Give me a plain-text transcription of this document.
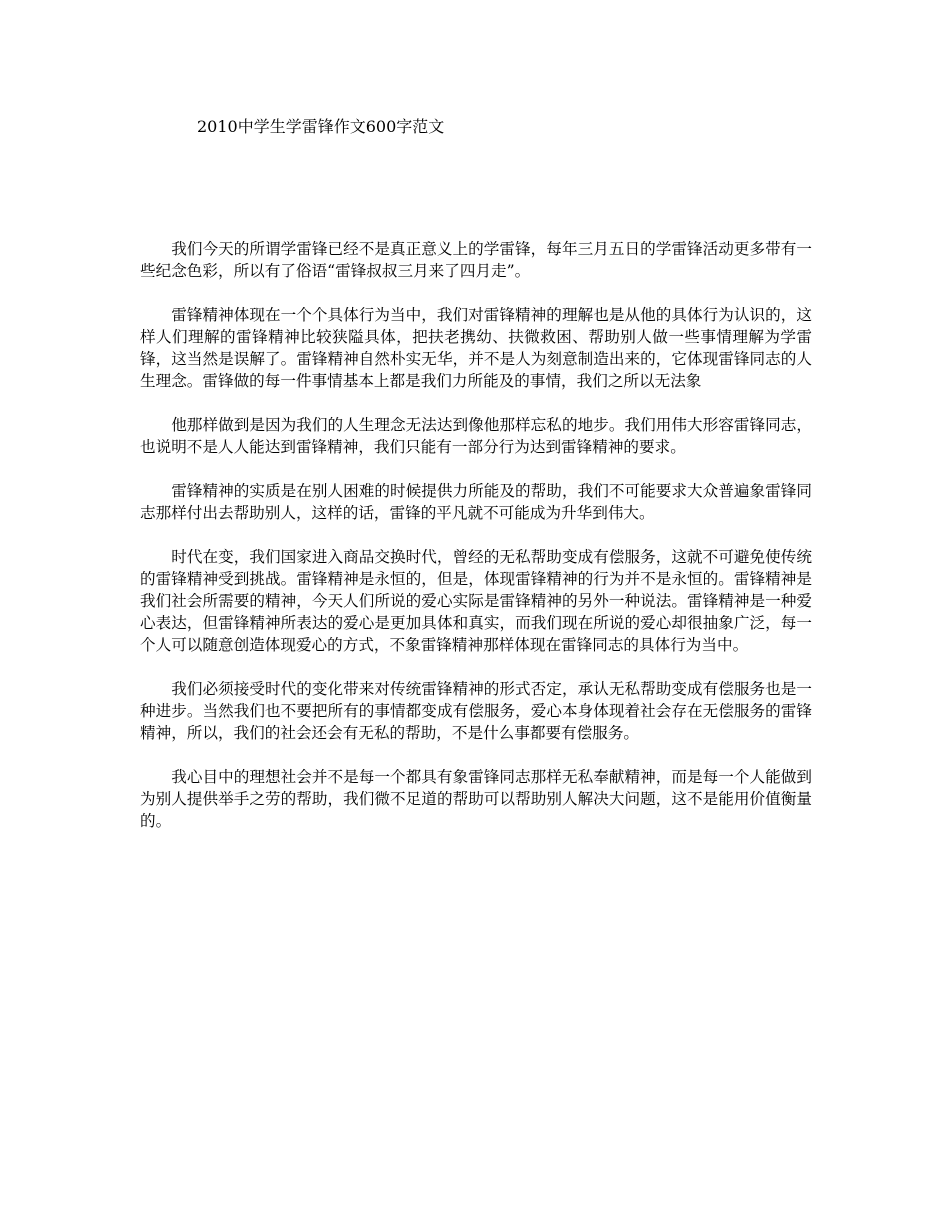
2010中学生学雷锋作文600字范文

我们今天的所谓学雷锋已经不是真正意义上的学雷锋，每年三月五日的学雷锋活动更多带有一些纪念色彩，所以有了俗语“雷锋叔叔三月来了四月走”。

雷锋精神体现在一个个具体行为当中，我们对雷锋精神的理解也是从他的具体行为认识的，这样人们理解的雷锋精神比较狭隘具体，把扶老携幼、扶微救困、帮助别人做一些事情理解为学雷锋，这当然是误解了。雷锋精神自然朴实无华，并不是人为刻意制造出来的，它体现雷锋同志的人生理念。雷锋做的每一件事情基本上都是我们力所能及的事情，我们之所以无法象

他那样做到是因为我们的人生理念无法达到像他那样忘私的地步。我们用伟大形容雷锋同志，也说明不是人人能达到雷锋精神，我们只能有一部分行为达到雷锋精神的要求。

雷锋精神的实质是在别人困难的时候提供力所能及的帮助，我们不可能要求大众普遍象雷锋同志那样付出去帮助别人，这样的话，雷锋的平凡就不可能成为升华到伟大。

时代在变，我们国家进入商品交换时代，曾经的无私帮助变成有偿服务，这就不可避免使传统的雷锋精神受到挑战。雷锋精神是永恒的，但是，体现雷锋精神的行为并不是永恒的。雷锋精神是我们社会所需要的精神，今天人们所说的爱心实际是雷锋精神的另外一种说法。雷锋精神是一种爱心表达，但雷锋精神所表达的爱心是更加具体和真实，而我们现在所说的爱心却很抽象广泛，每一个人可以随意创造体现爱心的方式，不象雷锋精神那样体现在雷锋同志的具体行为当中。

我们必须接受时代的变化带来对传统雷锋精神的形式否定，承认无私帮助变成有偿服务也是一种进步。当然我们也不要把所有的事情都变成有偿服务，爱心本身体现着社会存在无偿服务的雷锋精神，所以，我们的社会还会有无私的帮助，不是什么事都要有偿服务。

我心目中的理想社会并不是每一个都具有象雷锋同志那样无私奉献精神，而是每一个人能做到为别人提供举手之劳的帮助，我们微不足道的帮助可以帮助别人解决大问题，这不是能用价值衡量的。
